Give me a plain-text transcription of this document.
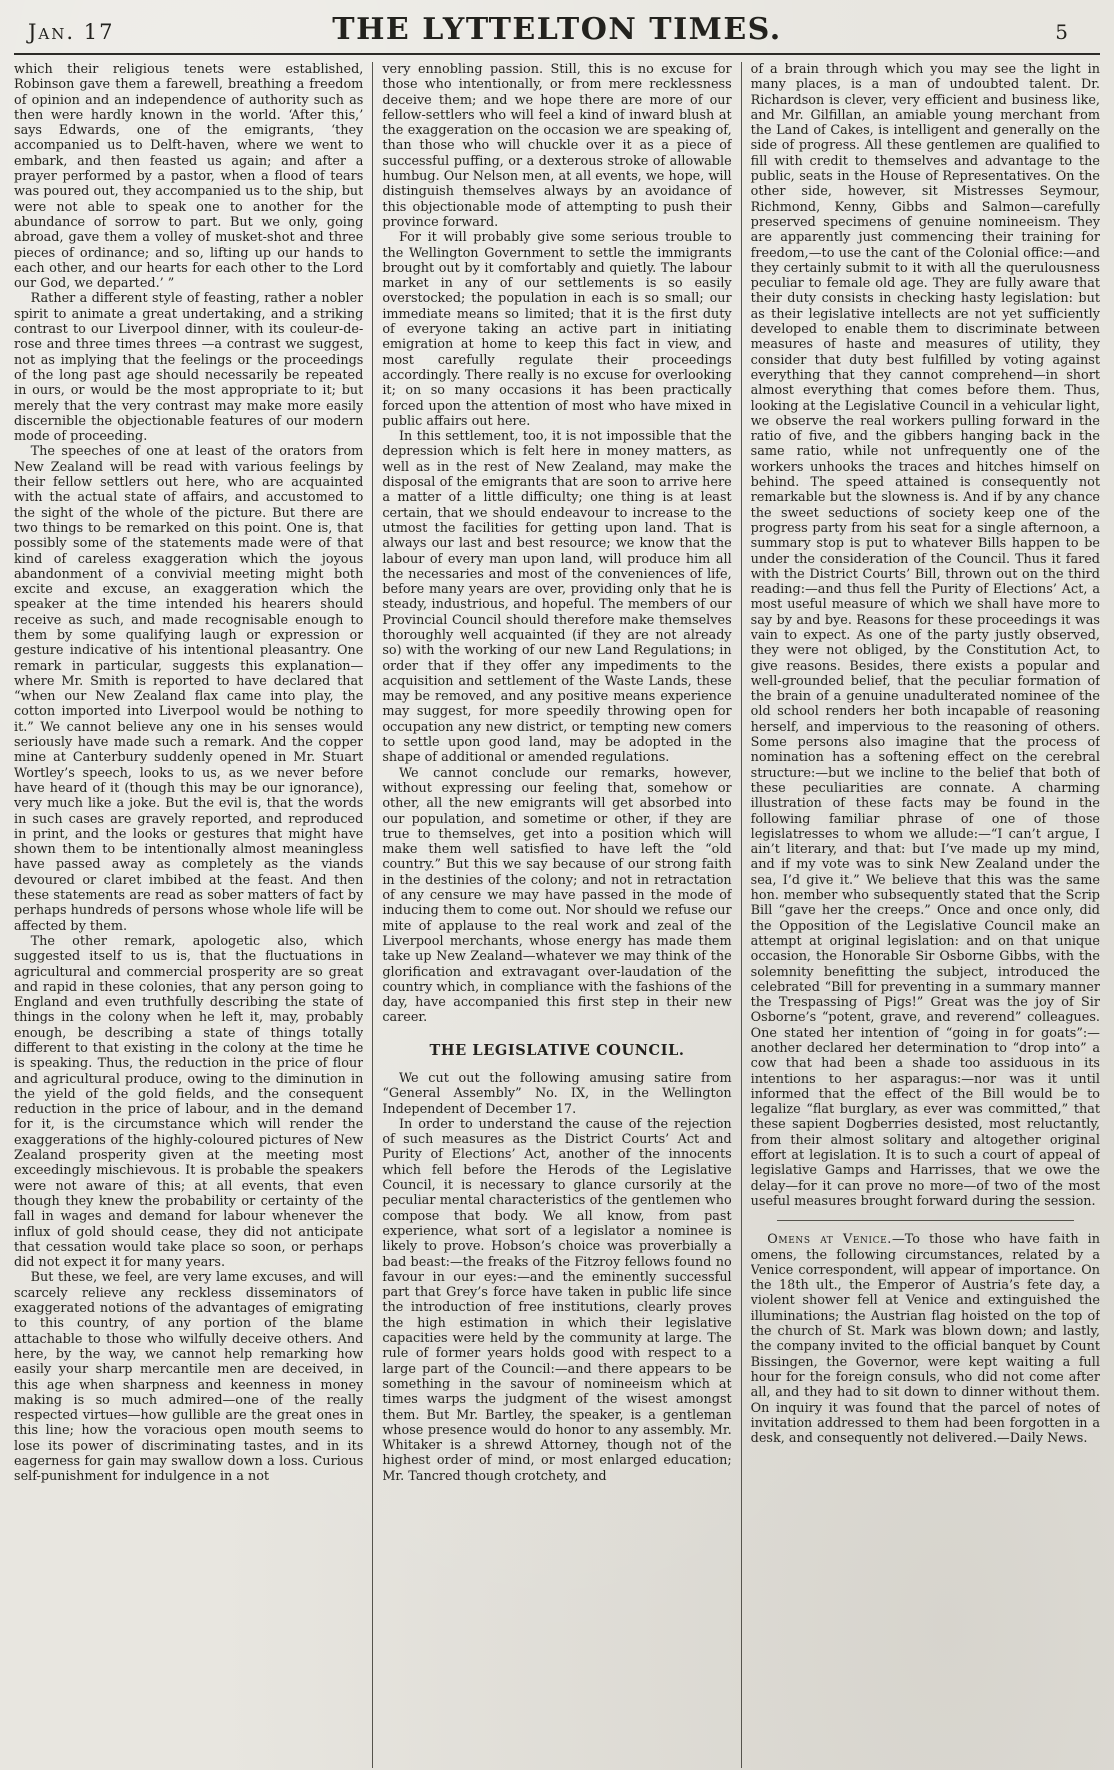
Jan. 17	THE LYTTELTON TIMES.	5

which their religious tenets were established, Robinson gave them a farewell, breathing a freedom of opinion and an independence of authority such as then were hardly known in the world. ‘After this,’ says Edwards, one of the emigrants, ‘they accompanied us to Delft-haven, where we went to embark, and then feasted us again; and after a prayer performed by a pastor, when a flood of tears was poured out, they accompanied us to the ship, but were not able to speak one to another for the abundance of sorrow to part. But we only, going abroad, gave them a volley of musket-shot and three pieces of ordinance; and so, lifting up our hands to each other, and our hearts for each other to the Lord our God, we departed.’ ”

Rather a different style of feasting, rather a nobler spirit to animate a great undertaking, and a striking contrast to our Liverpool dinner, with its couleur-de-rose and three times threes —a contrast we suggest, not as implying that the feelings or the proceedings of the long past age should necessarily be repeated in ours, or would be the most appropriate to it; but merely that the very contrast may make more easily discernible the objectionable features of our modern mode of proceeding.

The speeches of one at least of the orators from New Zealand will be read with various feelings by their fellow settlers out here, who are acquainted with the actual state of affairs, and accustomed to the sight of the whole of the picture. But there are two things to be remarked on this point. One is, that possibly some of the statements made were of that kind of careless exaggeration which the joyous abandonment of a convivial meeting might both excite and excuse, an exaggeration which the speaker at the time intended his hearers should receive as such, and made recognisable enough to them by some qualifying laugh or expression or gesture indicative of his intentional pleasantry. One remark in particular, suggests this explanation—where Mr. Smith is reported to have declared that “when our New Zealand flax came into play, the cotton imported into Liverpool would be nothing to it.” We cannot believe any one in his senses would seriously have made such a remark. And the copper mine at Canterbury suddenly opened in Mr. Stuart Wortley’s speech, looks to us, as we never before have heard of it (though this may be our ignorance), very much like a joke. But the evil is, that the words in such cases are gravely reported, and reproduced in print, and the looks or gestures that might have shown them to be intentionally almost meaningless have passed away as completely as the viands devoured or claret imbibed at the feast. And then these statements are read as sober matters of fact by perhaps hundreds of persons whose whole life will be affected by them.

The other remark, apologetic also, which suggested itself to us is, that the fluctuations in agricultural and commercial prosperity are so great and rapid in these colonies, that any person going to England and even truthfully describing the state of things in the colony when he left it, may, probably enough, be describing a state of things totally different to that existing in the colony at the time he is speaking. Thus, the reduction in the price of flour and agricultural produce, owing to the diminution in the yield of the gold fields, and the consequent reduction in the price of labour, and in the demand for it, is the circumstance which will render the exaggerations of the highly-coloured pictures of New Zealand prosperity given at the meeting most exceedingly mischievous. It is probable the speakers were not aware of this; at all events, that even though they knew the probability or certainty of the fall in wages and demand for labour whenever the influx of gold should cease, they did not anticipate that cessation would take place so soon, or perhaps did not expect it for many years.

But these, we feel, are very lame excuses, and will scarcely relieve any reckless disseminators of exaggerated notions of the advantages of emigrating to this country, of any portion of the blame attachable to those who wilfully deceive others. And here, by the way, we cannot help remarking how easily your sharp mercantile men are deceived, in this age when sharpness and keenness in money making is so much admired—one of the really respected virtues—how gullible are the great ones in this line; how the voracious open mouth seems to lose its power of discriminating tastes, and in its eagerness for gain may swallow down a loss. Curious self-punishment for indulgence in a not

very ennobling passion. Still, this is no excuse for those who intentionally, or from mere recklessness deceive them; and we hope there are more of our fellow-settlers who will feel a kind of inward blush at the exaggeration on the occasion we are speaking of, than those who will chuckle over it as a piece of successful puffing, or a dexterous stroke of allowable humbug. Our Nelson men, at all events, we hope, will distinguish themselves always by an avoidance of this objectionable mode of attempting to push their province forward.

For it will probably give some serious trouble to the Wellington Government to settle the immigrants brought out by it comfortably and quietly. The labour market in any of our settlements is so easily overstocked; the population in each is so small; our immediate means so limited; that it is the first duty of everyone taking an active part in initiating emigration at home to keep this fact in view, and most carefully regulate their proceedings accordingly. There really is no excuse for overlooking it; on so many occasions it has been practically forced upon the attention of most who have mixed in public affairs out here.

In this settlement, too, it is not impossible that the depression which is felt here in money matters, as well as in the rest of New Zealand, may make the disposal of the emigrants that are soon to arrive here a matter of a little difficulty; one thing is at least certain, that we should endeavour to increase to the utmost the facilities for getting upon land. That is always our last and best resource; we know that the labour of every man upon land, will produce him all the necessaries and most of the conveniences of life, before many years are over, providing only that he is steady, industrious, and hopeful. The members of our Provincial Council should therefore make themselves thoroughly well acquainted (if they are not already so) with the working of our new Land Regulations; in order that if they offer any impediments to the acquisition and settlement of the Waste Lands, these may be removed, and any positive means experience may suggest, for more speedily throwing open for occupation any new district, or tempting new comers to settle upon good land, may be adopted in the shape of additional or amended regulations.

We cannot conclude our remarks, however, without expressing our feeling that, somehow or other, all the new emigrants will get absorbed into our population, and sometime or other, if they are true to themselves, get into a position which will make them well satisfied to have left the “old country.” But this we say because of our strong faith in the destinies of the colony; and not in retractation of any censure we may have passed in the mode of inducing them to come out. Nor should we refuse our mite of applause to the real work and zeal of the Liverpool merchants, whose energy has made them take up New Zealand—whatever we may think of the glorification and extravagant over-laudation of the country which, in compliance with the fashions of the day, have accompanied this first step in their new career.

THE LEGISLATIVE COUNCIL.

We cut out the following amusing satire from “General Assembly” No. IX, in the Wellington Independent of December 17.

In order to understand the cause of the rejection of such measures as the District Courts’ Act and Purity of Elections’ Act, another of the innocents which fell before the Herods of the Legislative Council, it is necessary to glance cursorily at the peculiar mental characteristics of the gentlemen who compose that body. We all know, from past experience, what sort of a legislator a nominee is likely to prove. Hobson’s choice was proverbially a bad beast:—the freaks of the Fitzroy fellows found no favour in our eyes:—and the eminently successful part that Grey’s force have taken in public life since the introduction of free institutions, clearly proves the high estimation in which their legislative capacities were held by the community at large. The rule of former years holds good with respect to a large part of the Council:—and there appears to be something in the savour of nomineeism which at times warps the judgment of the wisest amongst them. But Mr. Bartley, the speaker, is a gentleman whose presence would do honor to any assembly. Mr. Whitaker is a shrewd Attorney, though not of the highest order of mind, or most enlarged education; Mr. Tancred though crotchety, and

of a brain through which you may see the light in many places, is a man of undoubted talent. Dr. Richardson is clever, very efficient and business like, and Mr. Gilfillan, an amiable young merchant from the Land of Cakes, is intelligent and generally on the side of progress. All these gentlemen are qualified to fill with credit to themselves and advantage to the public, seats in the House of Representatives. On the other side, however, sit Mistresses Seymour, Richmond, Kenny, Gibbs and Salmon—carefully preserved specimens of genuine nomineeism. They are apparently just commencing their training for freedom,—to use the cant of the Colonial office:—and they certainly submit to it with all the querulousness peculiar to female old age. They are fully aware that their duty consists in checking hasty legislation: but as their legislative intellects are not yet sufficiently developed to enable them to discriminate between measures of haste and measures of utility, they consider that duty best fulfilled by voting against everything that they cannot comprehend—in short almost everything that comes before them. Thus, looking at the Legislative Council in a vehicular light, we observe the real workers pulling forward in the ratio of five, and the gibbers hanging back in the same ratio, while not unfrequently one of the workers unhooks the traces and hitches himself on behind. The speed attained is consequently not remarkable but the slowness is. And if by any chance the sweet seductions of society keep one of the progress party from his seat for a single afternoon, a summary stop is put to whatever Bills happen to be under the consideration of the Council. Thus it fared with the District Courts’ Bill, thrown out on the third reading:—and thus fell the Purity of Elections’ Act, a most useful measure of which we shall have more to say by and bye. Reasons for these proceedings it was vain to expect. As one of the party justly observed, they were not obliged, by the Constitution Act, to give reasons. Besides, there exists a popular and well-grounded belief, that the peculiar formation of the brain of a genuine unadulterated nominee of the old school renders her both incapable of reasoning herself, and impervious to the reasoning of others. Some persons also imagine that the process of nomination has a softening effect on the cerebral structure:—but we incline to the belief that both of these peculiarities are connate. A charming illustration of these facts may be found in the following familiar phrase of one of those legislatresses to whom we allude:—“I can’t argue, I ain’t literary, and that: but I’ve made up my mind, and if my vote was to sink New Zealand under the sea, I’d give it.” We believe that this was the same hon. member who subsequently stated that the Scrip Bill “gave her the creeps.” Once and once only, did the Opposition of the Legislative Council make an attempt at original legislation: and on that unique occasion, the Honorable Sir Osborne Gibbs, with the solemnity benefitting the subject, introduced the celebrated “Bill for preventing in a summary manner the Trespassing of Pigs!” Great was the joy of Sir Osborne’s “potent, grave, and reverend” colleagues. One stated her intention of “going in for goats”:—another declared her determination to “drop into” a cow that had been a shade too assiduous in its intentions to her asparagus:—nor was it until informed that the effect of the Bill would be to legalize “flat burglary, as ever was committed,” that these sapient Dogberries desisted, most reluctantly, from their almost solitary and altogether original effort at legislation. It is to such a court of appeal of legislative Gamps and Harrisses, that we owe the delay—for it can prove no more—of two of the most useful measures brought forward during the session.

Omens at Venice.—To those who have faith in omens, the following circumstances, related by a Venice correspondent, will appear of importance. On the 18th ult., the Emperor of Austria’s fete day, a violent shower fell at Venice and extinguished the illuminations; the Austrian flag hoisted on the top of the church of St. Mark was blown down; and lastly, the company invited to the official banquet by Count Bissingen, the Governor, were kept waiting a full hour for the foreign consuls, who did not come after all, and they had to sit down to dinner without them. On inquiry it was found that the parcel of notes of invitation addressed to them had been forgotten in a desk, and consequently not delivered.—Daily News.
